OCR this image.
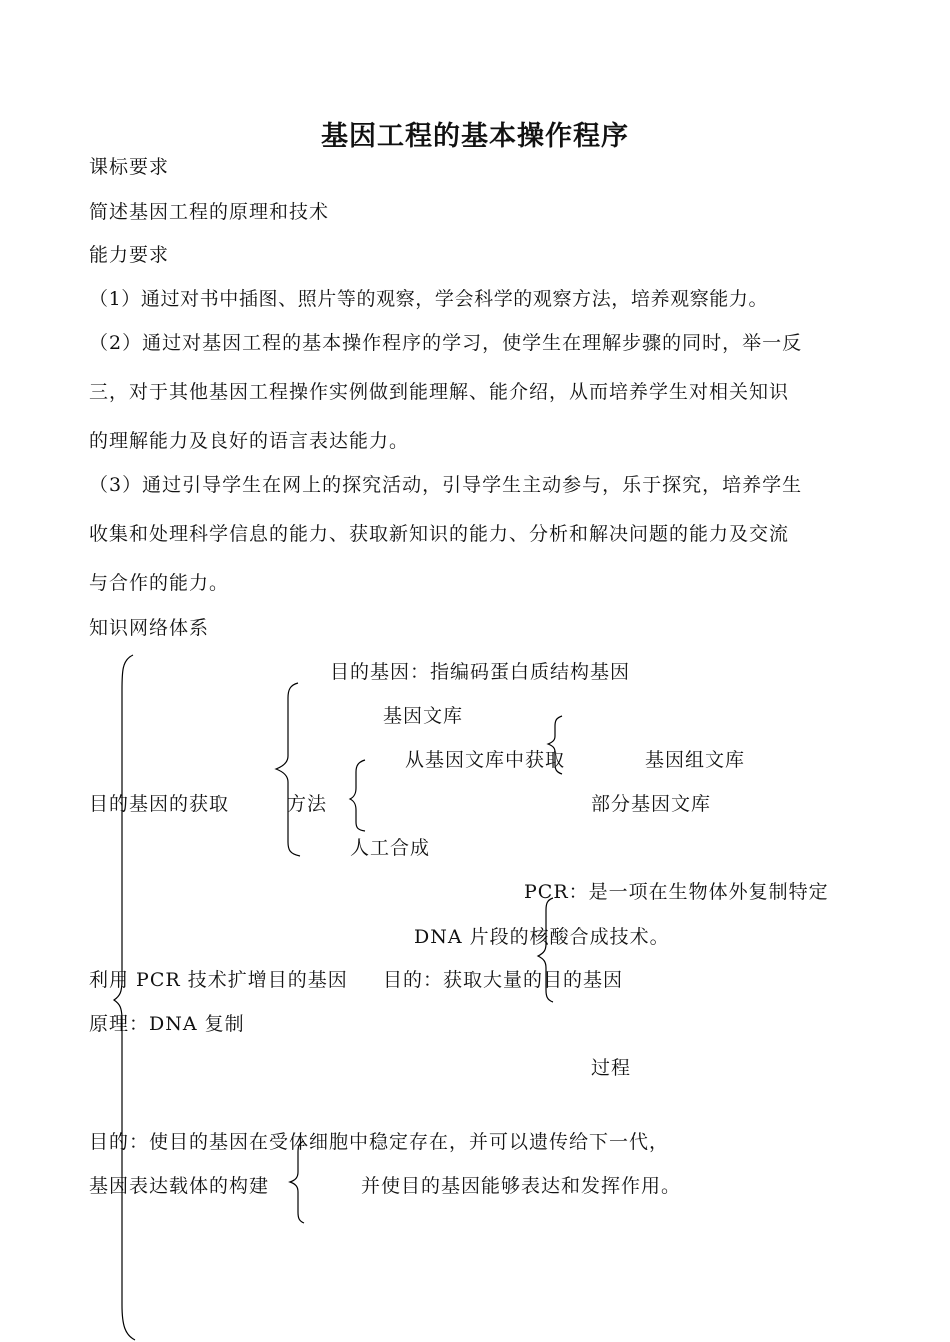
基因工程的基本操作程序
课标要求
简述基因工程的原理和技术
能力要求
（1）通过对书中插图、照片等的观察，学会科学的观察方法，培养观察能力。
（2）通过对基因工程的基本操作程序的学习，使学生在理解步骤的同时，举一反
三，对于其他基因工程操作实例做到能理解、能介绍，从而培养学生对相关知识
的理解能力及良好的语言表达能力。
（3）通过引导学生在网上的探究活动，引导学生主动参与，乐于探究，培养学生
收集和处理科学信息的能力、获取新知识的能力、分析和解决问题的能力及交流
与合作的能力。
知识网络体系
目的基因：指编码蛋白质结构基因
基因文库
从基因文库中获取	基因组文库
目的基因的获取	方法	部分基因文库
人工合成
PCR：是一项在生物体外复制特定
DNA 片段的核酸合成技术。
利用 PCR 技术扩增目的基因 目的：获取大量的目的基因
原理：DNA 复制
过程
目的：使目的基因在受体细胞中稳定存在，并可以遗传给下一代，
基因表达载体的构建	并使目的基因能够表达和发挥作用。
